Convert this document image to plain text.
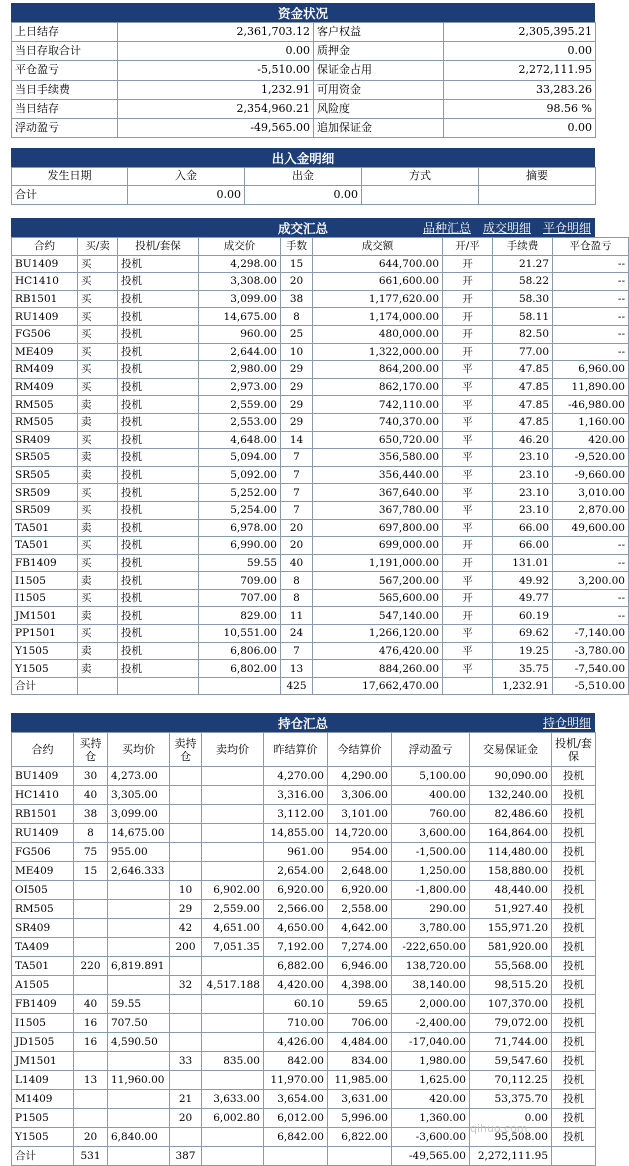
资金状况
上日结存	2,361,703.12	客户权益	2,305,395.21
当日存取合计	0.00	质押金	0.00
平仓盈亏	-5,510.00	保证金占用	2,272,111.95
当日手续费	1,232.91	可用资金	33,283.26
当日结存	2,354,960.21	风险度	98.56 %
浮动盈亏	-49,565.00	追加保证金	0.00
出入金明细
发生日期	入金	出金	方式	摘要
合计	0.00	0.00		
成交汇总	品种汇总 成交明细 平仓明细
合约	买/卖	投机/套保	成交价	手数	成交额	开/平	手续费	平仓盈亏
BU1409	买	投机	4,298.00	15	644,700.00	开	21.27	--
HC1410	买	投机	3,308.00	20	661,600.00	开	58.22	--
RB1501	买	投机	3,099.00	38	1,177,620.00	开	58.30	--
RU1409	买	投机	14,675.00	8	1,174,000.00	开	58.11	--
FG506	买	投机	960.00	25	480,000.00	开	82.50	--
ME409	买	投机	2,644.00	10	1,322,000.00	开	77.00	--
RM409	买	投机	2,980.00	29	864,200.00	平	47.85	6,960.00
RM409	买	投机	2,973.00	29	862,170.00	平	47.85	11,890.00
RM505	卖	投机	2,559.00	29	742,110.00	平	47.85	-46,980.00
RM505	卖	投机	2,553.00	29	740,370.00	平	47.85	1,160.00
SR409	买	投机	4,648.00	14	650,720.00	平	46.20	420.00
SR505	卖	投机	5,094.00	7	356,580.00	平	23.10	-9,520.00
SR505	卖	投机	5,092.00	7	356,440.00	平	23.10	-9,660.00
SR509	买	投机	5,252.00	7	367,640.00	平	23.10	3,010.00
SR509	买	投机	5,254.00	7	367,780.00	平	23.10	2,870.00
TA501	卖	投机	6,978.00	20	697,800.00	平	66.00	49,600.00
TA501	买	投机	6,990.00	20	699,000.00	开	66.00	--
FB1409	买	投机	59.55	40	1,191,000.00	开	131.01	--
I1505	卖	投机	709.00	8	567,200.00	平	49.92	3,200.00
I1505	买	投机	707.00	8	565,600.00	开	49.77	--
JM1501	卖	投机	829.00	11	547,140.00	开	60.19	--
PP1501	买	投机	10,551.00	24	1,266,120.00	平	69.62	-7,140.00
Y1505	卖	投机	6,806.00	7	476,420.00	平	19.25	-3,780.00
Y1505	卖	投机	6,802.00	13	884,260.00	平	35.75	-7,540.00
合计				425	17,662,470.00		1,232.91	-5,510.00
持仓汇总	持仓明细
合约	买持仓	买均价	卖持仓	卖均价	昨结算价	今结算价	浮动盈亏	交易保证金	投机/套保
BU1409	30	4,273.00			4,270.00	4,290.00	5,100.00	90,090.00	投机
HC1410	40	3,305.00			3,316.00	3,306.00	400.00	132,240.00	投机
RB1501	38	3,099.00			3,112.00	3,101.00	760.00	82,486.60	投机
RU1409	8	14,675.00			14,855.00	14,720.00	3,600.00	164,864.00	投机
FG506	75	955.00			961.00	954.00	-1,500.00	114,480.00	投机
ME409	15	2,646.333			2,654.00	2,648.00	1,250.00	158,880.00	投机
OI505			10	6,902.00	6,920.00	6,920.00	-1,800.00	48,440.00	投机
RM505			29	2,559.00	2,566.00	2,558.00	290.00	51,927.40	投机
SR409			42	4,651.00	4,650.00	4,642.00	3,780.00	155,971.20	投机
TA409			200	7,051.35	7,192.00	7,274.00	-222,650.00	581,920.00	投机
TA501	220	6,819.891			6,882.00	6,946.00	138,720.00	55,568.00	投机
A1505			32	4,517.188	4,420.00	4,398.00	38,140.00	98,515.20	投机
FB1409	40	59.55			60.10	59.65	2,000.00	107,370.00	投机
I1505	16	707.50			710.00	706.00	-2,400.00	79,072.00	投机
JD1505	16	4,590.50			4,426.00	4,484.00	-17,040.00	71,744.00	投机
JM1501			33	835.00	842.00	834.00	1,980.00	59,547.60	投机
L1409	13	11,960.00			11,970.00	11,985.00	1,625.00	70,112.25	投机
M1409			21	3,633.00	3,654.00	3,631.00	420.00	53,375.70	投机
P1505			20	6,002.80	6,012.00	5,996.00	1,360.00	0.00	投机
Y1505	20	6,840.00			6,842.00	6,822.00	-3,600.00	95,508.00	投机
合计	531		387				-49,565.00	2,272,111.95	
qihuo.com
